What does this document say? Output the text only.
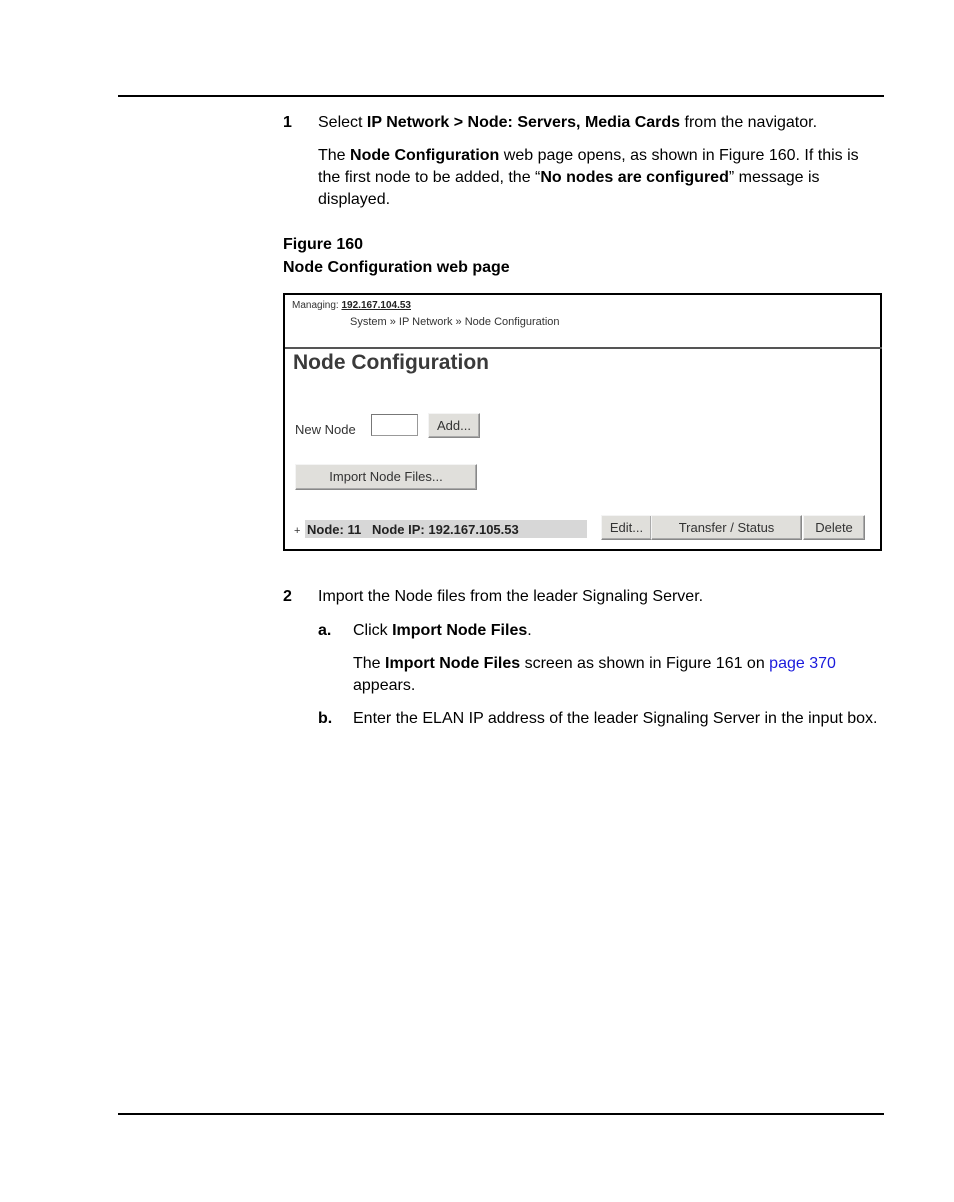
1 Select IP Network > Node: Servers, Media Cards from the navigator.
The Node Configuration web page opens, as shown in Figure 160. If this is the first node to be added, the “No nodes are configured” message is displayed.
Figure 160
Node Configuration web page
Managing: 192.167.104.53
System » IP Network » Node Configuration
Node Configuration
New Node	Add...
Import Node Files...
+ Node: 11   Node IP: 192.167.105.53	Edit...	Transfer / Status	Delete
2 Import the Node files from the leader Signaling Server.
a. Click Import Node Files.
The Import Node Files screen as shown in Figure 161 on page 370 appears.
b. Enter the ELAN IP address of the leader Signaling Server in the input box.
